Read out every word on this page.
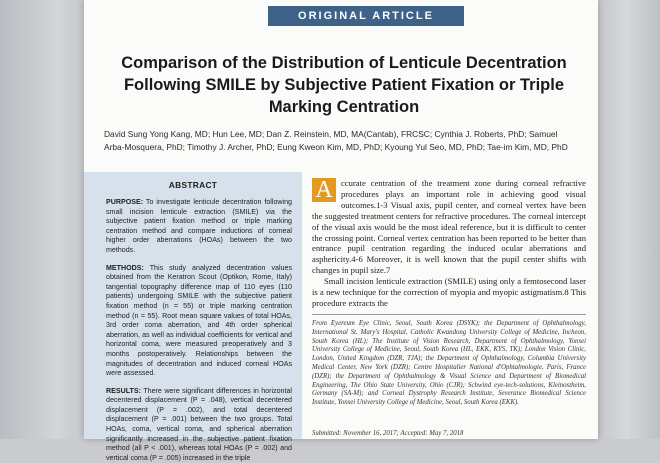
ORIGINAL ARTICLE
Comparison of the Distribution of Lenticule Decentration Following SMILE by Subjective Patient Fixation or Triple Marking Centration

David Sung Yong Kang, MD; Hun Lee, MD; Dan Z. Reinstein, MD, MA(Cantab), FRCSC; Cynthia J. Roberts, PhD; Samuel Arba-Mosquera, PhD; Timothy J. Archer, PhD; Eung Kweon Kim, MD, PhD; Kyoung Yul Seo, MD, PhD; Tae-im Kim, MD, PhD

ABSTRACT

PURPOSE: To investigate lenticule decentration following small incision lenticule extraction (SMILE) via the subjective patient fixation method or triple marking centration method and compare inductions of corneal higher order aberrations (HOAs) between the two methods.

METHODS: This study analyzed decentration values obtained from the Keratron Scout (Optikon, Rome, Italy) tangential topography difference map of 110 eyes (110 patients) undergoing SMILE with the subjective patient fixation method (n = 55) or triple marking centration method (n = 55). Root mean square values of total HOAs, 3rd order coma aberration, and 4th order spherical aberration, as well as individual coefficients for vertical and horizontal coma, were measured preoperatively and 3 months postoperatively. Relationships between the magnitudes of decentration and induced corneal HOAs were assessed.

RESULTS: There were significant differences in horizontal decentered displacement (P = .048), vertical decentered displacement (P = .002), and total decentered displacement (P = .001) between the two groups. Total HOAs, coma, vertical coma, and spherical aberration significantly increased in the subjective patient fixation method (all P < .001), whereas total HOAs (P = .002) and vertical coma (P = .005) increased in the triple

A ccurate centration of the treatment zone during corneal refractive procedures plays an important role in achieving good visual outcomes.1-3 Visual axis, pupil center, and corneal vertex have been the suggested treatment centers for refractive procedures. The corneal intercept of the visual axis would be the most ideal reference, but it is difficult to center the crossing point. Corneal vertex centration has been reported to be better than entrance pupil centration regarding the induced ocular aberrations and asphericity.4-6 Moreover, it is well known that the pupil center shifts with changes in pupil size.7

Small incision lenticule extraction (SMILE) using only a femtosecond laser is a new technique for the correction of myopia and myopic astigmatism.8 This procedure extracts the

From Eyereum Eye Clinic, Seoul, South Korea (DSYK); the Department of Ophthalmology, International St. Mary's Hospital, Catholic Kwandong University College of Medicine, Incheon, South Korea (HL); The Institute of Vision Research, Department of Ophthalmology, Yonsei University College of Medicine, Seoul, South Korea (HL, EKK, KYS, TK); London Vision Clinic, London, United Kingdom (DZR, TJA); the Department of Ophthalmology, Columbia University Medical Center, New York (DZR); Centre Hospitalier National d'Ophtalmologie, Paris, France (DZR); the Department of Ophthalmology & Visual Science and Department of Biomedical Engineering, The Ohio State University, Ohio (CJR); Schwind eye-tech-solutions, Kleinostheim, Germany (SA-M); and Corneal Dystrophy Research Institute, Severance Biomedical Science Institute, Yonsei University College of Medicine, Seoul, South Korea (EKK).

Submitted: November 16, 2017; Accepted: May 7, 2018
